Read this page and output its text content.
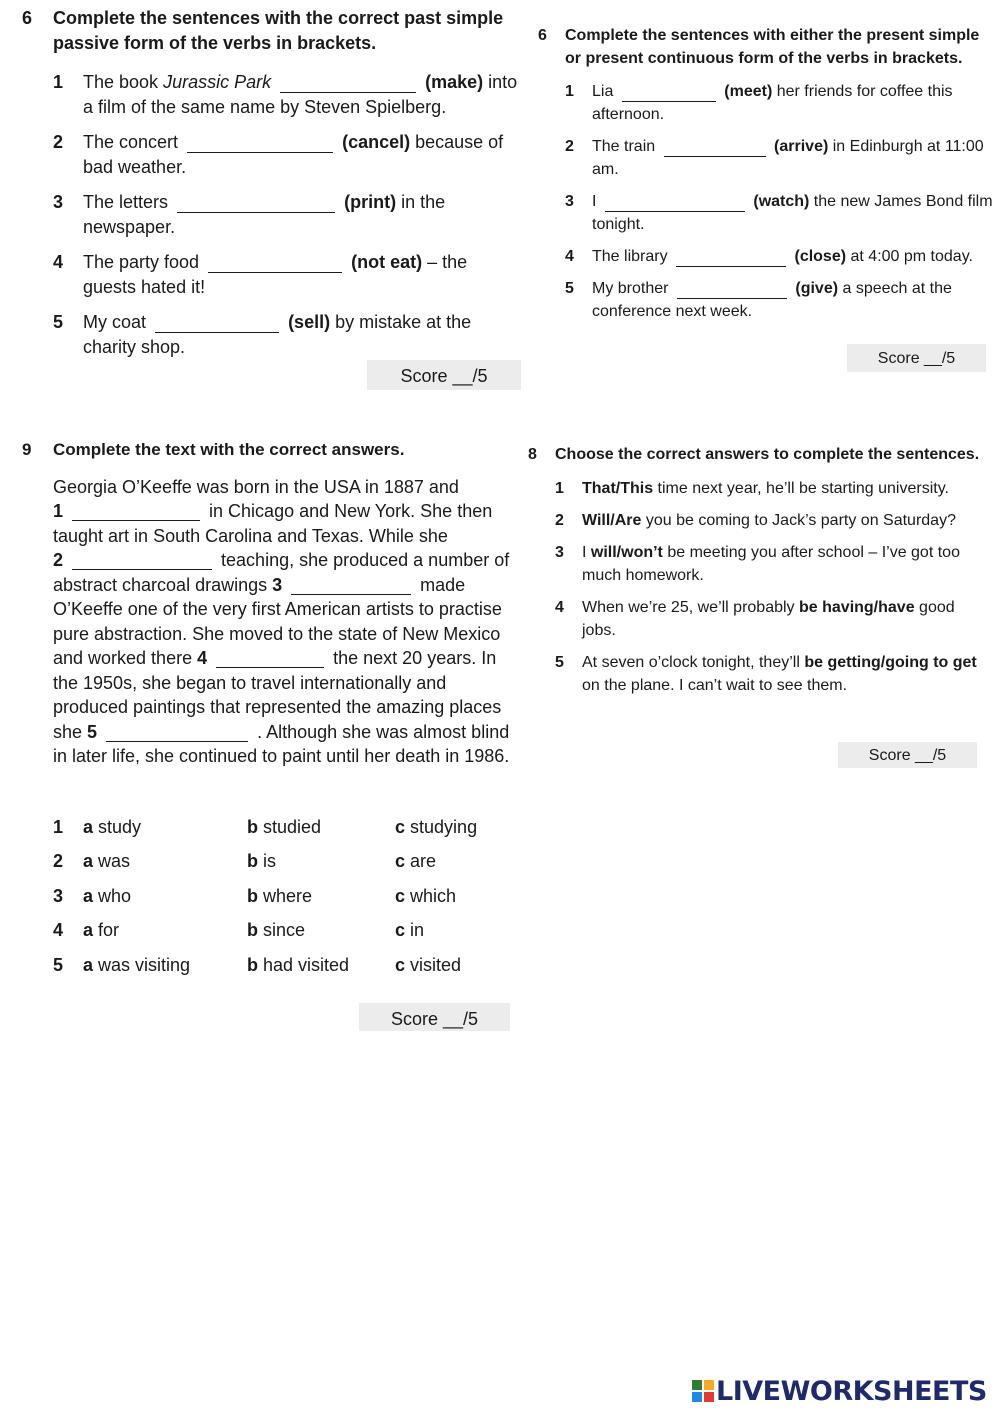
6	Complete the sentences with the correct past simple passive form of the verbs in brackets.
1	The book Jurassic Park	(make) into a film of the same name by Steven Spielberg.
2	The concert	(cancel) because of bad weather.
3	The letters	(print) in the newspaper.
4	The party food	(not eat) – the guests hated it!
5	My coat	(sell) by mistake at the charity shop.
Score __/5
6	Complete the sentences with either the present simple or present continuous form of the verbs in brackets.
1	Lia	(meet) her friends for coffee this afternoon.
2	The train	(arrive) in Edinburgh at 11:00 am.
3	I	(watch) the new James Bond film tonight.
4	The library	(close) at 4:00 pm today.
5	My brother	(give) a speech at the conference next week.
Score __/5
9	Complete the text with the correct answers.
Georgia O’Keeffe was born in the USA in 1887 and
1	in Chicago and New York. She then taught art in South Carolina and Texas. While she
2	teaching, she produced a number of abstract charcoal drawings 3	made O’Keeffe one of the very first American artists to practise pure abstraction. She moved to the state of New Mexico and worked there 4	the next 20 years. In the 1950s, she began to travel internationally and produced paintings that represented the amazing places she 5	. Although she was almost blind in later life, she continued to paint until her death in 1986.
1	a study	b studied	c studying
2	a was	b is	c are
3	a who	b where	c which
4	a for	b since	c in
5	a was visiting	b had visited	c visited
Score __/5
8	Choose the correct answers to complete the sentences.
1	That/This time next year, he’ll be starting university.
2	Will/Are you be coming to Jack’s party on Saturday?
3	I will/won’t be meeting you after school – I’ve got too much homework.
4	When we’re 25, we’ll probably be having/have good jobs.
5	At seven o’clock tonight, they’ll be getting/going to get on the plane. I can’t wait to see them.
Score __/5
LIVEWORKSHEETS
